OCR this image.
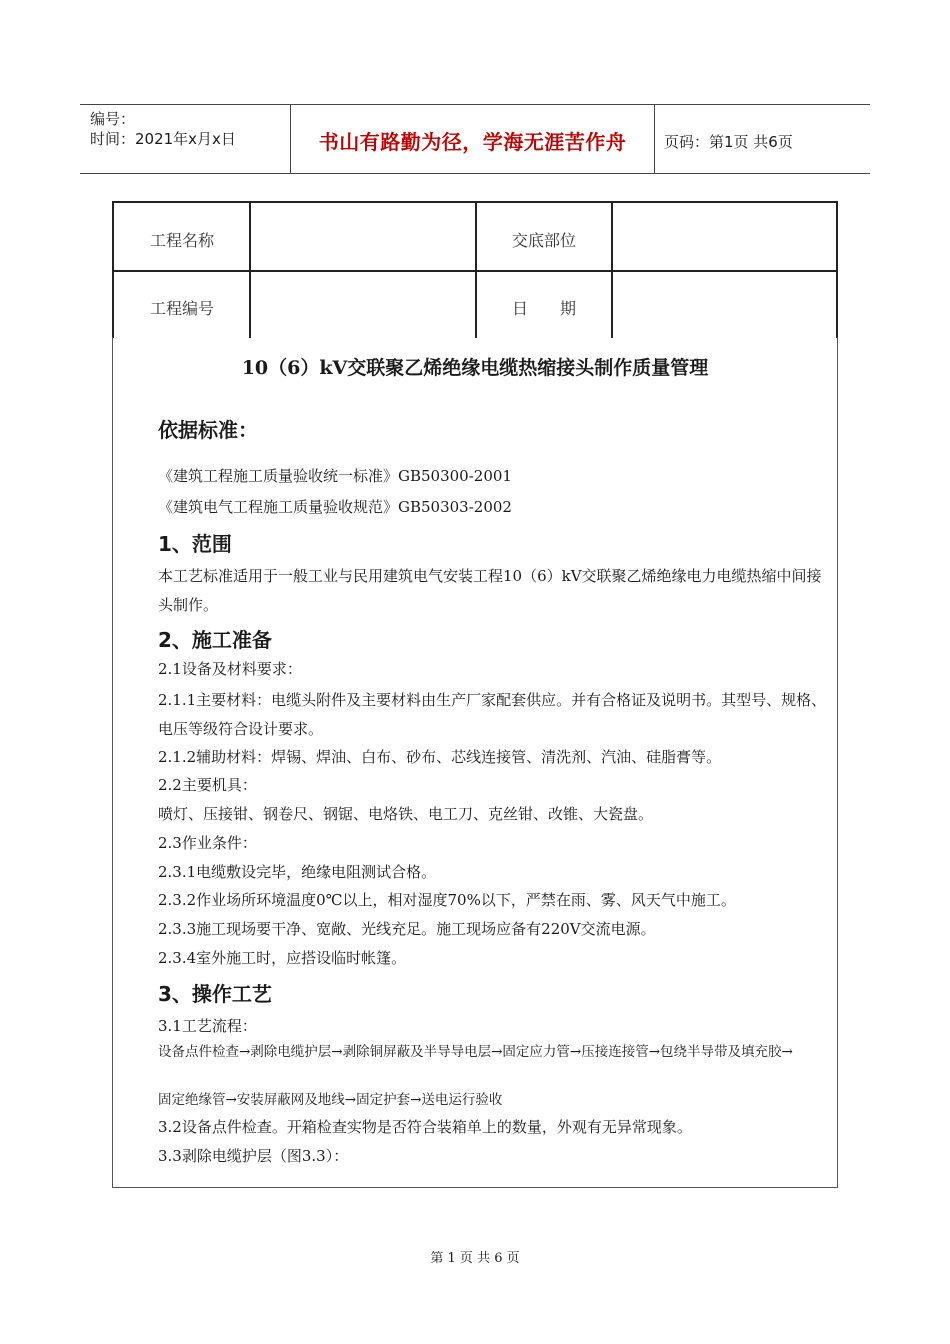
编号：
时间：2021年x月x日	书山有路勤为径，学海无涯苦作舟	页码：第1页 共6页
工程名称	交底部位
工程编号	日　　期
10（6）kV交联聚乙烯绝缘电缆热缩接头制作质量管理
依据标准：
《建筑工程施工质量验收统一标准》GB50300-2001
《建筑电气工程施工质量验收规范》GB50303-2002
1、范围
本工艺标准适用于一般工业与民用建筑电气安装工程10（6）kV交联聚乙烯绝缘电力电缆热缩中间接头制作。
2、施工准备
2.1设备及材料要求：
2.1.1主要材料：电缆头附件及主要材料由生产厂家配套供应。并有合格证及说明书。其型号、规格、电压等级符合设计要求。
2.1.2辅助材料：焊锡、焊油、白布、砂布、芯线连接管、清洗剂、汽油、硅脂膏等。
2.2主要机具：
喷灯、压接钳、钢卷尺、钢锯、电烙铁、电工刀、克丝钳、改锥、大瓷盘。
2.3作业条件：
2.3.1电缆敷设完毕，绝缘电阻测试合格。
2.3.2作业场所环境温度0℃以上，相对湿度70%以下，严禁在雨、雾、风天气中施工。
2.3.3施工现场要干净、宽敞、光线充足。施工现场应备有220V交流电源。
2.3.4室外施工时，应搭设临时帐篷。
3、操作工艺
3.1工艺流程：
设备点件检查→剥除电缆护层→剥除铜屏蔽及半导导电层→固定应力管→压接连接管→包绕半导带及填充胶→
固定绝缘管→安装屏蔽网及地线→固定护套→送电运行验收
3.2设备点件检查。开箱检查实物是否符合装箱单上的数量，外观有无异常现象。
3.3剥除电缆护层（图3.3）：
第 1 页 共 6 页
